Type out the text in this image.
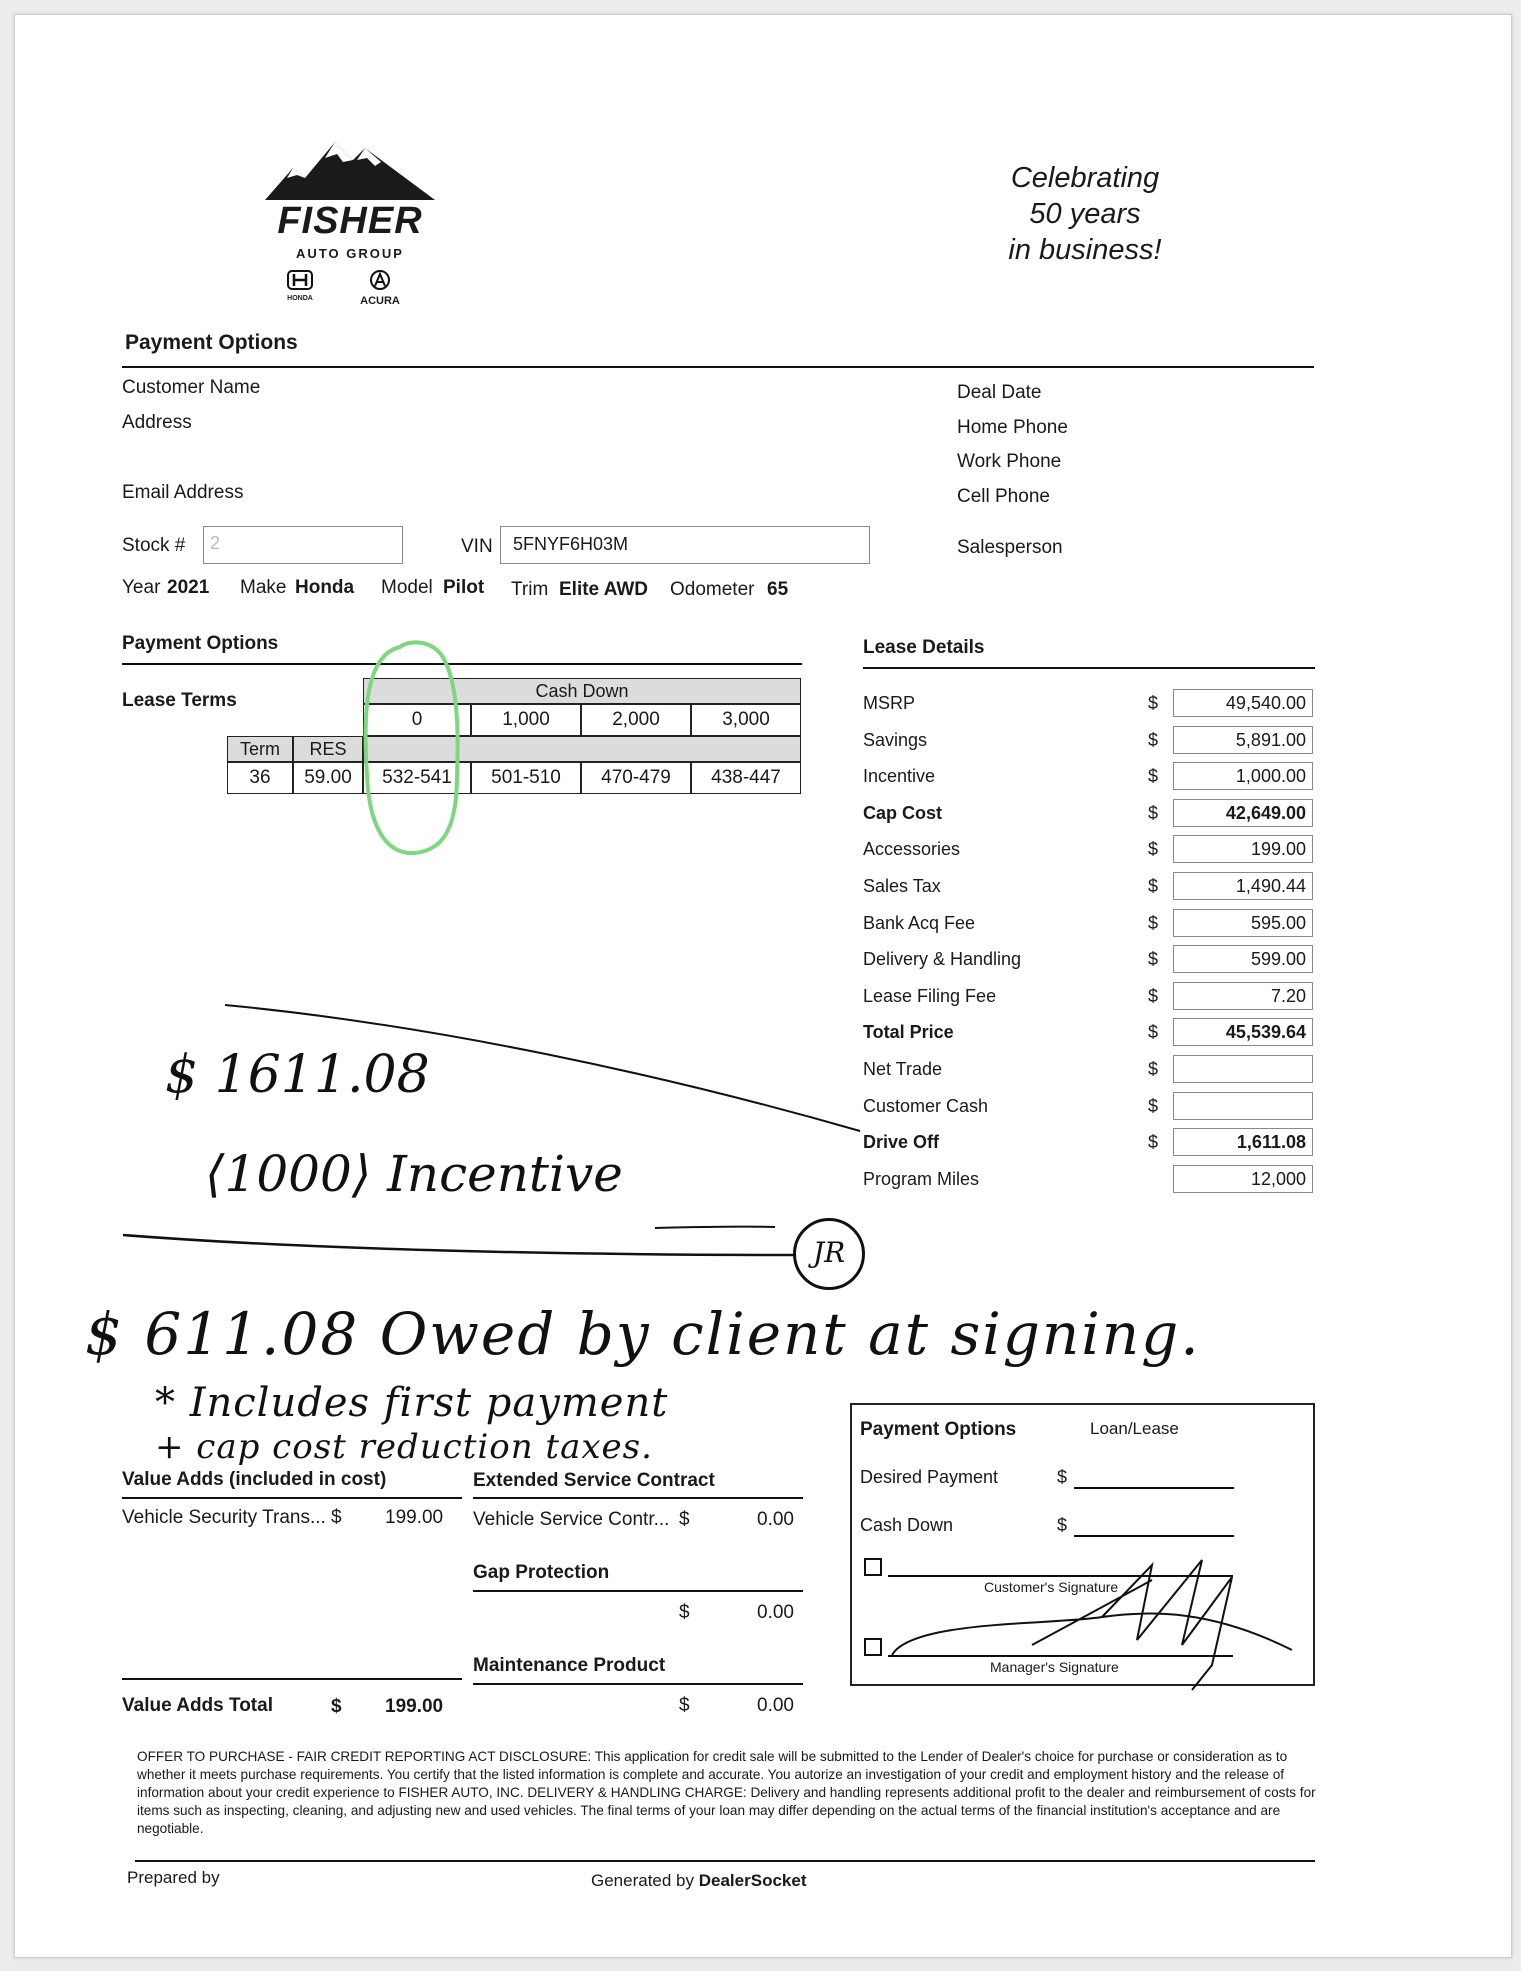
FISHER
AUTO GROUP
HONDA	ACURA
Celebrating
50 years
in business!
Payment Options
Customer Name
Address
Email Address
Deal Date
Home Phone
Work Phone
Cell Phone
Salesperson
Stock #	2	VIN	5FNYF6H03M
Year 2021 Make Honda Model Pilot Trim Elite AWD Odometer 65
Payment Options
Lease Terms	Cash Down
0	1,000	2,000	3,000
Term	RES
36	59.00	532-541	501-510	470-479	438-447
Lease Details
MSRP	$	49,540.00
Savings	$	5,891.00
Incentive	$	1,000.00
Cap Cost	$	42,649.00
Accessories	$	199.00
Sales Tax	$	1,490.44
Bank Acq Fee	$	595.00
Delivery & Handling	$	599.00
Lease Filing Fee	$	7.20
Total Price	$	45,539.64
Net Trade	$
Customer Cash	$
Drive Off	$	1,611.08
Program Miles	12,000
$ 1611.08
⟨1000⟩ Incentive
JR
$ 611.08 Owed by client at signing.
* Includes first payment
+ cap cost reduction taxes.
Value Adds (included in cost)
Vehicle Security Trans... $ 199.00
Value Adds Total	$ 199.00
Extended Service Contract
Vehicle Service Contr... $	0.00
Gap Protection
$	0.00
Maintenance Product
$	0.00
Payment Options	Loan/Lease
Desired Payment	$
Cash Down	$
Customer's Signature
Manager's Signature
OFFER TO PURCHASE - FAIR CREDIT REPORTING ACT DISCLOSURE: This application for credit sale will be submitted to the Lender of Dealer's choice for purchase or consideration as to whether it meets purchase requirements. You certify that the listed information is complete and accurate. You autorize an investigation of your credit and employment history and the release of information about your credit experience to FISHER AUTO, INC. DELIVERY & HANDLING CHARGE: Delivery and handling represents additional profit to the dealer and reimbursement of costs for items such as inspecting, cleaning, and adjusting new and used vehicles. The final terms of your loan may differ depending on the actual terms of the financial institution's acceptance and are negotiable.
Prepared by	Generated by DealerSocket
